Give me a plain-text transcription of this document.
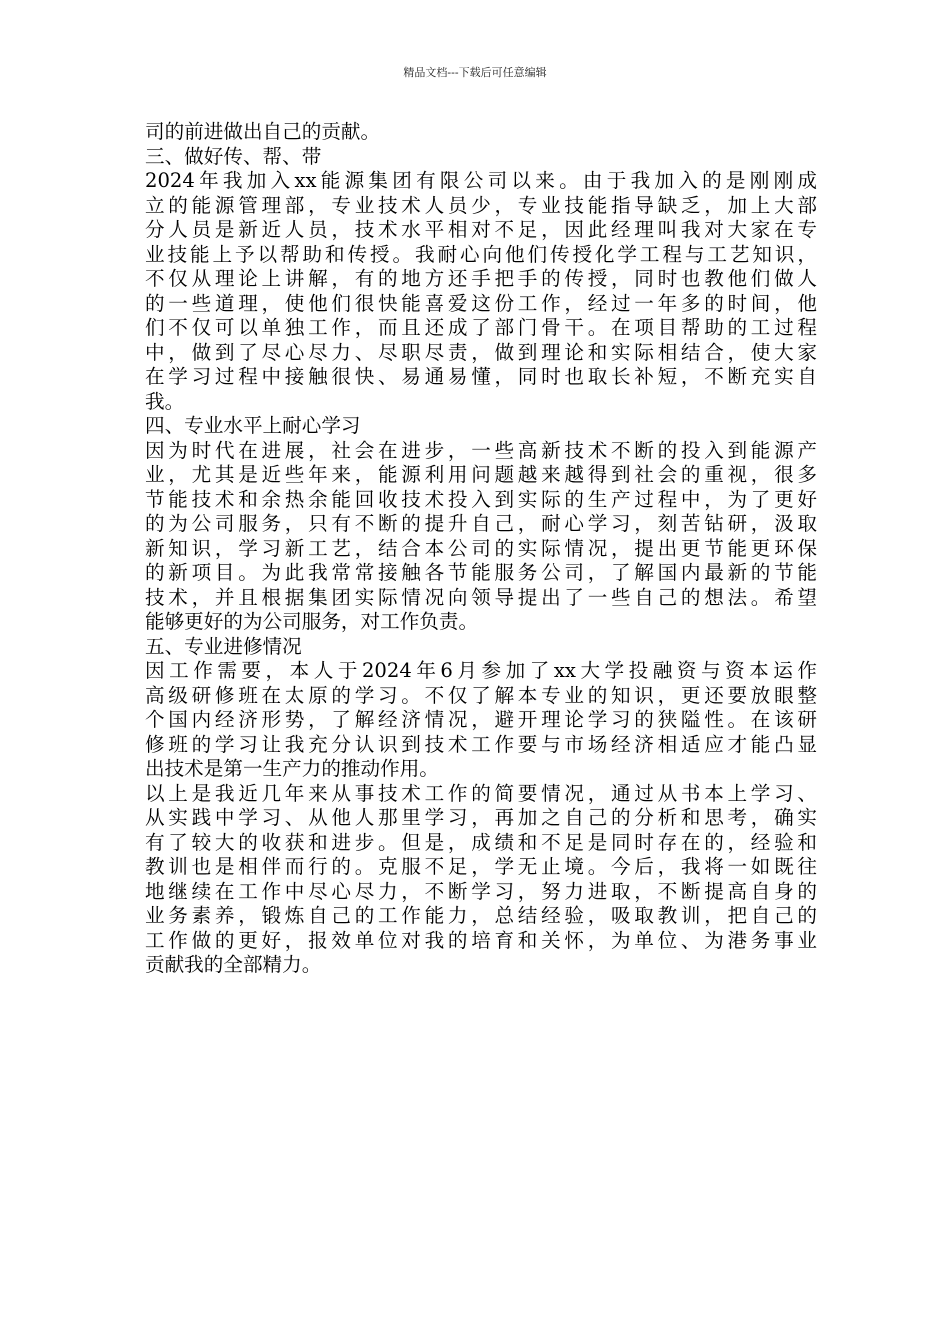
精品文档---下载后可任意编辑
司的前进做出自己的贡献。
三、做好传、帮、带
2024年我加入xx能源集团有限公司以来。由于我加入的是刚刚成
立的能源管理部，专业技术人员少，专业技能指导缺乏，加上大部
分人员是新近人员，技术水平相对不足，因此经理叫我对大家在专
业技能上予以帮助和传授。我耐心向他们传授化学工程与工艺知识，
不仅从理论上讲解，有的地方还手把手的传授，同时也教他们做人
的一些道理，使他们很快能喜爱这份工作，经过一年多的时间，他
们不仅可以单独工作，而且还成了部门骨干。在项目帮助的工过程
中，做到了尽心尽力、尽职尽责，做到理论和实际相结合，使大家
在学习过程中接触很快、易通易懂，同时也取长补短，不断充实自
我。
四、专业水平上耐心学习
因为时代在进展，社会在进步，一些高新技术不断的投入到能源产
业，尤其是近些年来，能源利用问题越来越得到社会的重视，很多
节能技术和余热余能回收技术投入到实际的生产过程中，为了更好
的为公司服务，只有不断的提升自己，耐心学习，刻苦钻研，汲取
新知识，学习新工艺，结合本公司的实际情况，提出更节能更环保
的新项目。为此我常常接触各节能服务公司，了解国内最新的节能
技术，并且根据集团实际情况向领导提出了一些自己的想法。希望
能够更好的为公司服务，对工作负责。
五、专业进修情况
因工作需要，本人于2024年6月参加了xx大学投融资与资本运作
高级研修班在太原的学习。不仅了解本专业的知识，更还要放眼整
个国内经济形势，了解经济情况，避开理论学习的狭隘性。在该研
修班的学习让我充分认识到技术工作要与市场经济相适应才能凸显
出技术是第一生产力的推动作用。
以上是我近几年来从事技术工作的简要情况，通过从书本上学习、
从实践中学习、从他人那里学习，再加之自己的分析和思考，确实
有了较大的收获和进步。但是，成绩和不足是同时存在的，经验和
教训也是相伴而行的。克服不足，学无止境。今后，我将一如既往
地继续在工作中尽心尽力，不断学习，努力进取，不断提高自身的
业务素养，锻炼自己的工作能力，总结经验，吸取教训，把自己的
工作做的更好，报效单位对我的培育和关怀，为单位、为港务事业
贡献我的全部精力。
